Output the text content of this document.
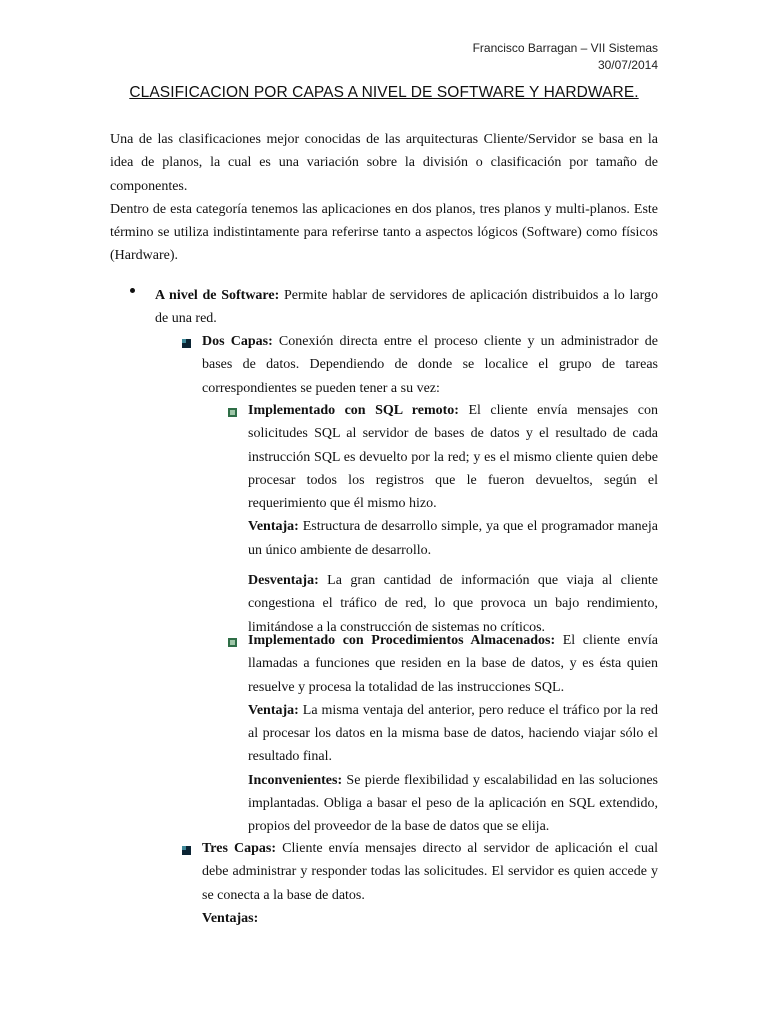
Francisco Barragan – VII Sistemas
30/07/2014
CLASIFICACION POR CAPAS A NIVEL DE SOFTWARE Y HARDWARE.

Una de las clasificaciones mejor conocidas de las arquitecturas Cliente/Servidor se basa en la idea de planos, la cual es una variación sobre la división o clasificación por tamaño de componentes.

Dentro de esta categoría tenemos las aplicaciones en dos planos, tres planos y multi-planos. Este término se utiliza indistintamente para referirse tanto a aspectos lógicos (Software) como físicos (Hardware).

A nivel de Software: Permite hablar de servidores de aplicación distribuidos a lo largo de una red.

Dos Capas: Conexión directa entre el proceso cliente y un administrador de bases de datos. Dependiendo de donde se localice el grupo de tareas correspondientes se pueden tener a su vez:

Implementado con SQL remoto: El cliente envía mensajes con solicitudes SQL al servidor de bases de datos y el resultado de cada instrucción SQL es devuelto por la red; y es el mismo cliente quien debe procesar todos los registros que le fueron devueltos, según el requerimiento que él mismo hizo.

Ventaja: Estructura de desarrollo simple, ya que el programador maneja un único ambiente de desarrollo.

Desventaja: La gran cantidad de información que viaja al cliente congestiona el tráfico de red, lo que provoca un bajo rendimiento, limitándose a la construcción de sistemas no críticos.

Implementado con Procedimientos Almacenados: El cliente envía llamadas a funciones que residen en la base de datos, y es ésta quien resuelve y procesa la totalidad de las instrucciones SQL.

Ventaja: La misma ventaja del anterior, pero reduce el tráfico por la red al procesar los datos en la misma base de datos, haciendo viajar sólo el resultado final.

Inconvenientes: Se pierde flexibilidad y escalabilidad en las soluciones implantadas. Obliga a basar el peso de la aplicación en SQL extendido, propios del proveedor de la base de datos que se elija.

Tres Capas: Cliente envía mensajes directo al servidor de aplicación el cual debe administrar y responder todas las solicitudes. El servidor es quien accede y se conecta a la base de datos.

Ventajas:
